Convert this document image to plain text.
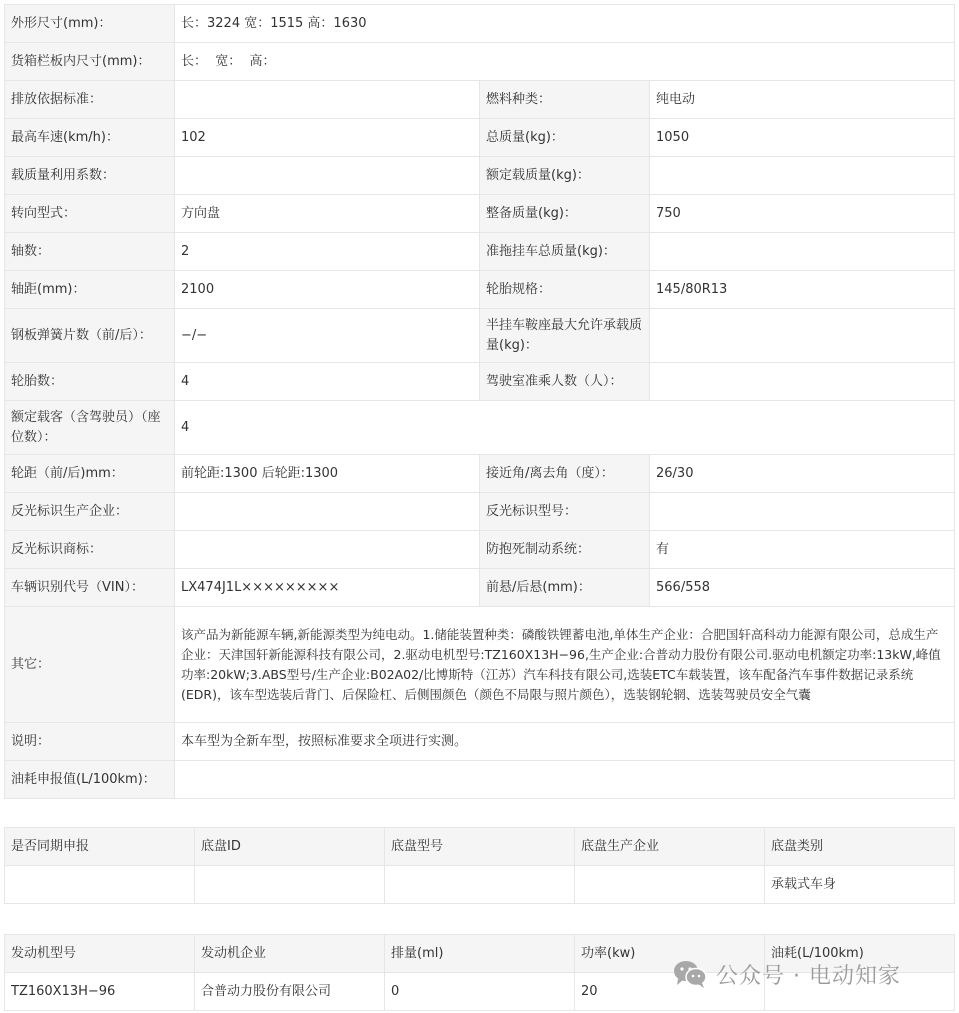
外形尺寸(mm)：	长：3224 宽：1515 高：1630		
货箱栏板内尺寸(mm)：	长：  宽：  高：		
排放依据标准：		燃料种类：	纯电动
最高车速(km/h)：	102	总质量(kg)：	1050
载质量利用系数：		额定载质量(kg)：	
转向型式：	方向盘	整备质量(kg)：	750
轴数：	2	准拖挂车总质量(kg)：	
轴距(mm)：	2100	轮胎规格：	145/80R13
钢板弹簧片数（前/后）：	−/−	半挂车鞍座最大允许承载质量(kg)：	
轮胎数：	4	驾驶室准乘人数（人）：	
额定载客（含驾驶员）（座位数）：	4		
轮距（前/后)mm：	前轮距:1300 后轮距:1300	接近角/离去角（度）：	26/30
反光标识生产企业：		反光标识型号：	
反光标识商标：		防抱死制动系统：	有
车辆识别代号（VIN）：	LX474J1L×××××××××	前悬/后悬(mm)：	566/558
其它：	该产品为新能源车辆,新能源类型为纯电动。1.储能装置种类：磷酸铁锂蓄电池,单体生产企业：合肥国轩高科动力能源有限公司，总成生产企业：天津国轩新能源科技有限公司，2.驱动电机型号:TZ160X13H−96,生产企业:合普动力股份有限公司.驱动电机额定功率:13kW,峰值功率:20kW;3.ABS型号/生产企业:B02A02/比博斯特（江苏）汽车科技有限公司,选装ETC车载装置，该车配备汽车事件数据记录系统(EDR)，该车型选装后背门、后保险杠、后侧围颜色（颜色不局限与照片颜色），选装钢轮辋、选装驾驶员安全气囊		
说明：	本车型为全新车型，按照标准要求全项进行实测。		
油耗申报值(L/100km)：			
是否同期申报	底盘ID	底盘型号	底盘生产企业	底盘类别
				承载式车身
发动机型号	发动机企业	排量(ml)	功率(kw)	油耗(L/100km)
TZ160X13H−96	合普动力股份有限公司	0	20	
公众号 · 电动知家
